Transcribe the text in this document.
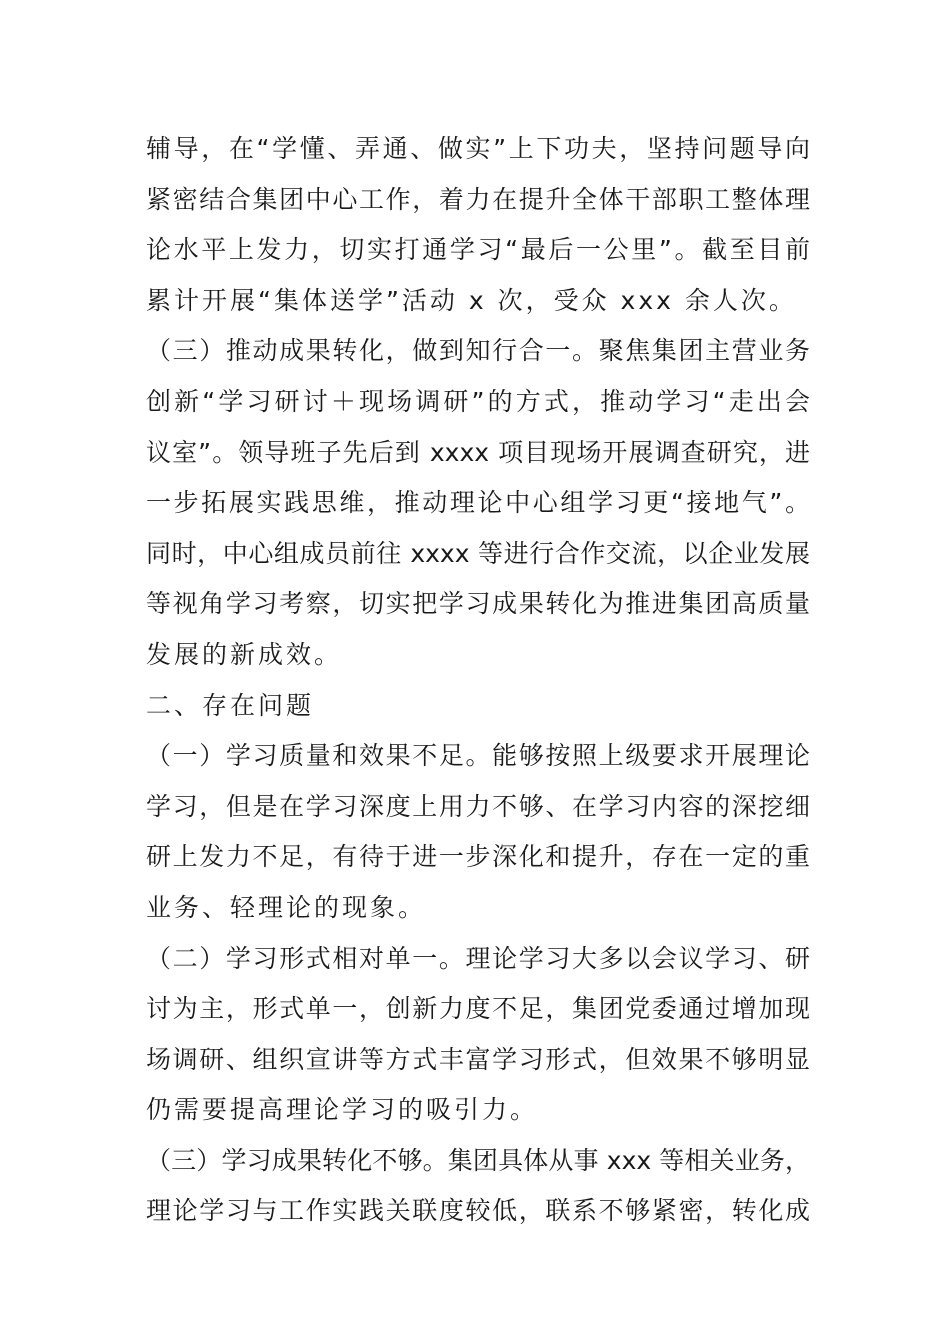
辅导，在“学懂、弄通、做实”上下功夫，坚持问题导向
紧密结合集团中心工作，着力在提升全体干部职工整体理
论水平上发力，切实打通学习“最后一公里”。截至目前
累计开展“集体送学”活动 x 次，受众 xxx 余人次。
（三）推动成果转化，做到知行合一。聚焦集团主营业务
创新“学习研讨＋现场调研”的方式，推动学习“走出会
议室”。领导班子先后到 xxxx 项目现场开展调查研究，进
一步拓展实践思维，推动理论中心组学习更“接地气”。
同时，中心组成员前往 xxxx 等进行合作交流，以企业发展
等视角学习考察，切实把学习成果转化为推进集团高质量
发展的新成效。
二、存在问题
（一）学习质量和效果不足。能够按照上级要求开展理论
学习，但是在学习深度上用力不够、在学习内容的深挖细
研上发力不足，有待于进一步深化和提升，存在一定的重
业务、轻理论的现象。
（二）学习形式相对单一。理论学习大多以会议学习、研
讨为主，形式单一，创新力度不足，集团党委通过增加现
场调研、组织宣讲等方式丰富学习形式，但效果不够明显
仍需要提高理论学习的吸引力。
（三）学习成果转化不够。集团具体从事 xxx 等相关业务，
理论学习与工作实践关联度较低，联系不够紧密，转化成
